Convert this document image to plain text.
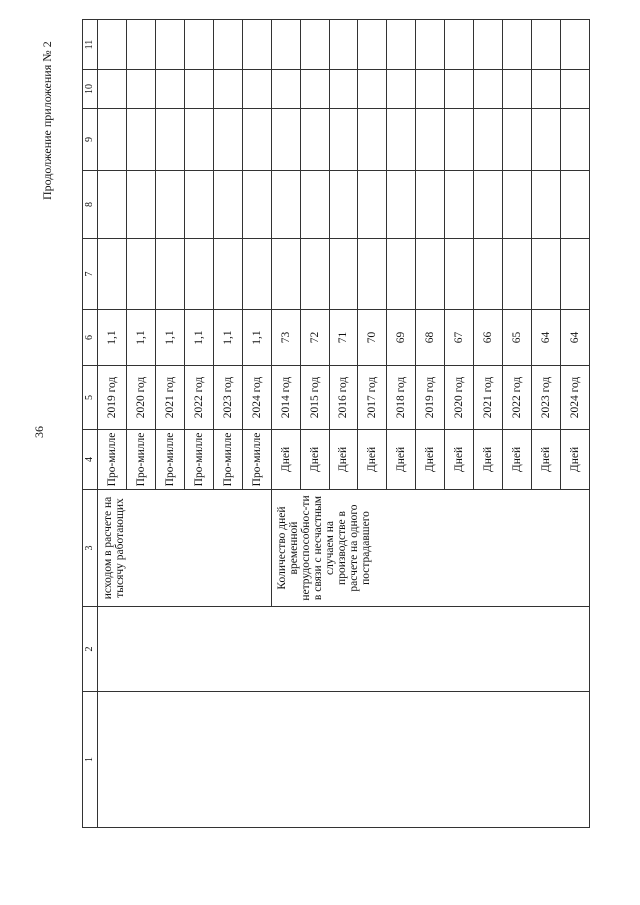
36
Продолжение приложения № 2
1	2	3	4	5	6	7	8	9	10	11
		исходом в расчете на тысячу работающих	Про-милле	2019 год	1,1					
			Про-милле	2020 год	1,1					
			Про-милле	2021 год	1,1					
			Про-милле	2022 год	1,1					
			Про-милле	2023 год	1,1					
			Про-милле	2024 год	1,1					
		Количество дней временной нетрудоспособнос-ти в связи с несчастным случаем на производстве в расчете на одного пострадавшего	Дней	2014 год	73					
			Дней	2015 год	72					
			Дней	2016 год	71					
			Дней	2017 год	70					
			Дней	2018 год	69					
			Дней	2019 год	68					
			Дней	2020 год	67					
			Дней	2021 год	66					
			Дней	2022 год	65					
			Дней	2023 год	64					
			Дней	2024 год	64					
